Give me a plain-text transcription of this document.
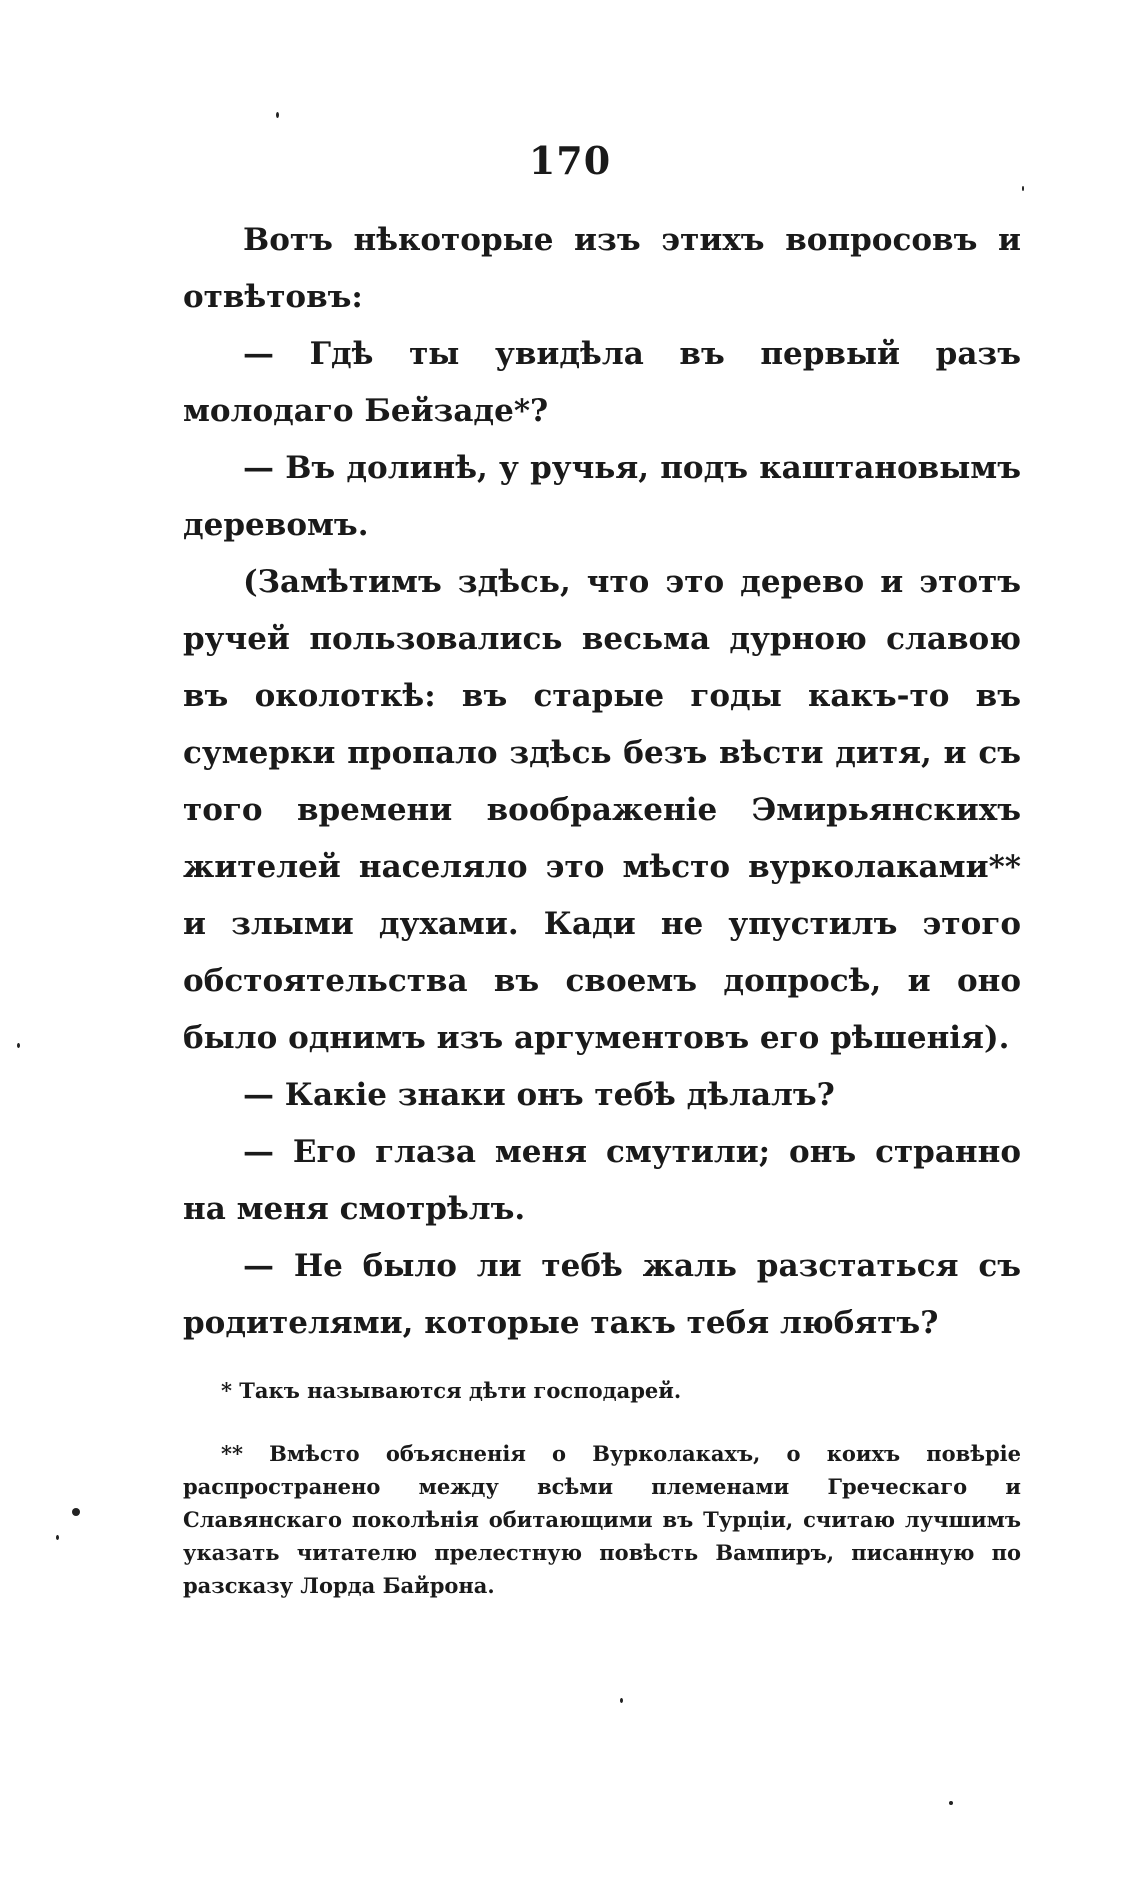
170

Вотъ нѣкоторые изъ этихъ вопросовъ и отвѣтовъ:

— Гдѣ ты увидѣла въ первый разъ молодаго Бейзаде*?

— Въ долинѣ, у ручья, подъ каштановымъ деревомъ.

(Замѣтимъ здѣсь, что это дерево и этотъ ручей пользовались весьма дурною славою въ околоткѣ: въ старые годы какъ-то въ сумерки пропало здѣсь безъ вѣсти дитя, и съ того времени воображеніе Эмирьянскихъ жителей населяло это мѣсто вурколаками** и злыми духами. Кади не упустилъ этого обстоятельства въ своемъ допросѣ, и оно было однимъ изъ аргументовъ его рѣшенія).

— Какіе знаки онъ тебѣ дѣлалъ?

— Его глаза меня смутили; онъ странно на меня смотрѣлъ.

— Не было ли тебѣ жаль разстаться съ родителями, которые такъ тебя любятъ?

* Такъ называются дѣти господарей.

** Вмѣсто объясненія о Вурколакахъ, о коихъ повѣріе распространено между всѣми племенами Греческаго и Славянскаго поколѣнія обитающими въ Турціи, считаю лучшимъ указать читателю прелестную повѣсть Вампиръ, писанную по разсказу Лорда Байрона.
